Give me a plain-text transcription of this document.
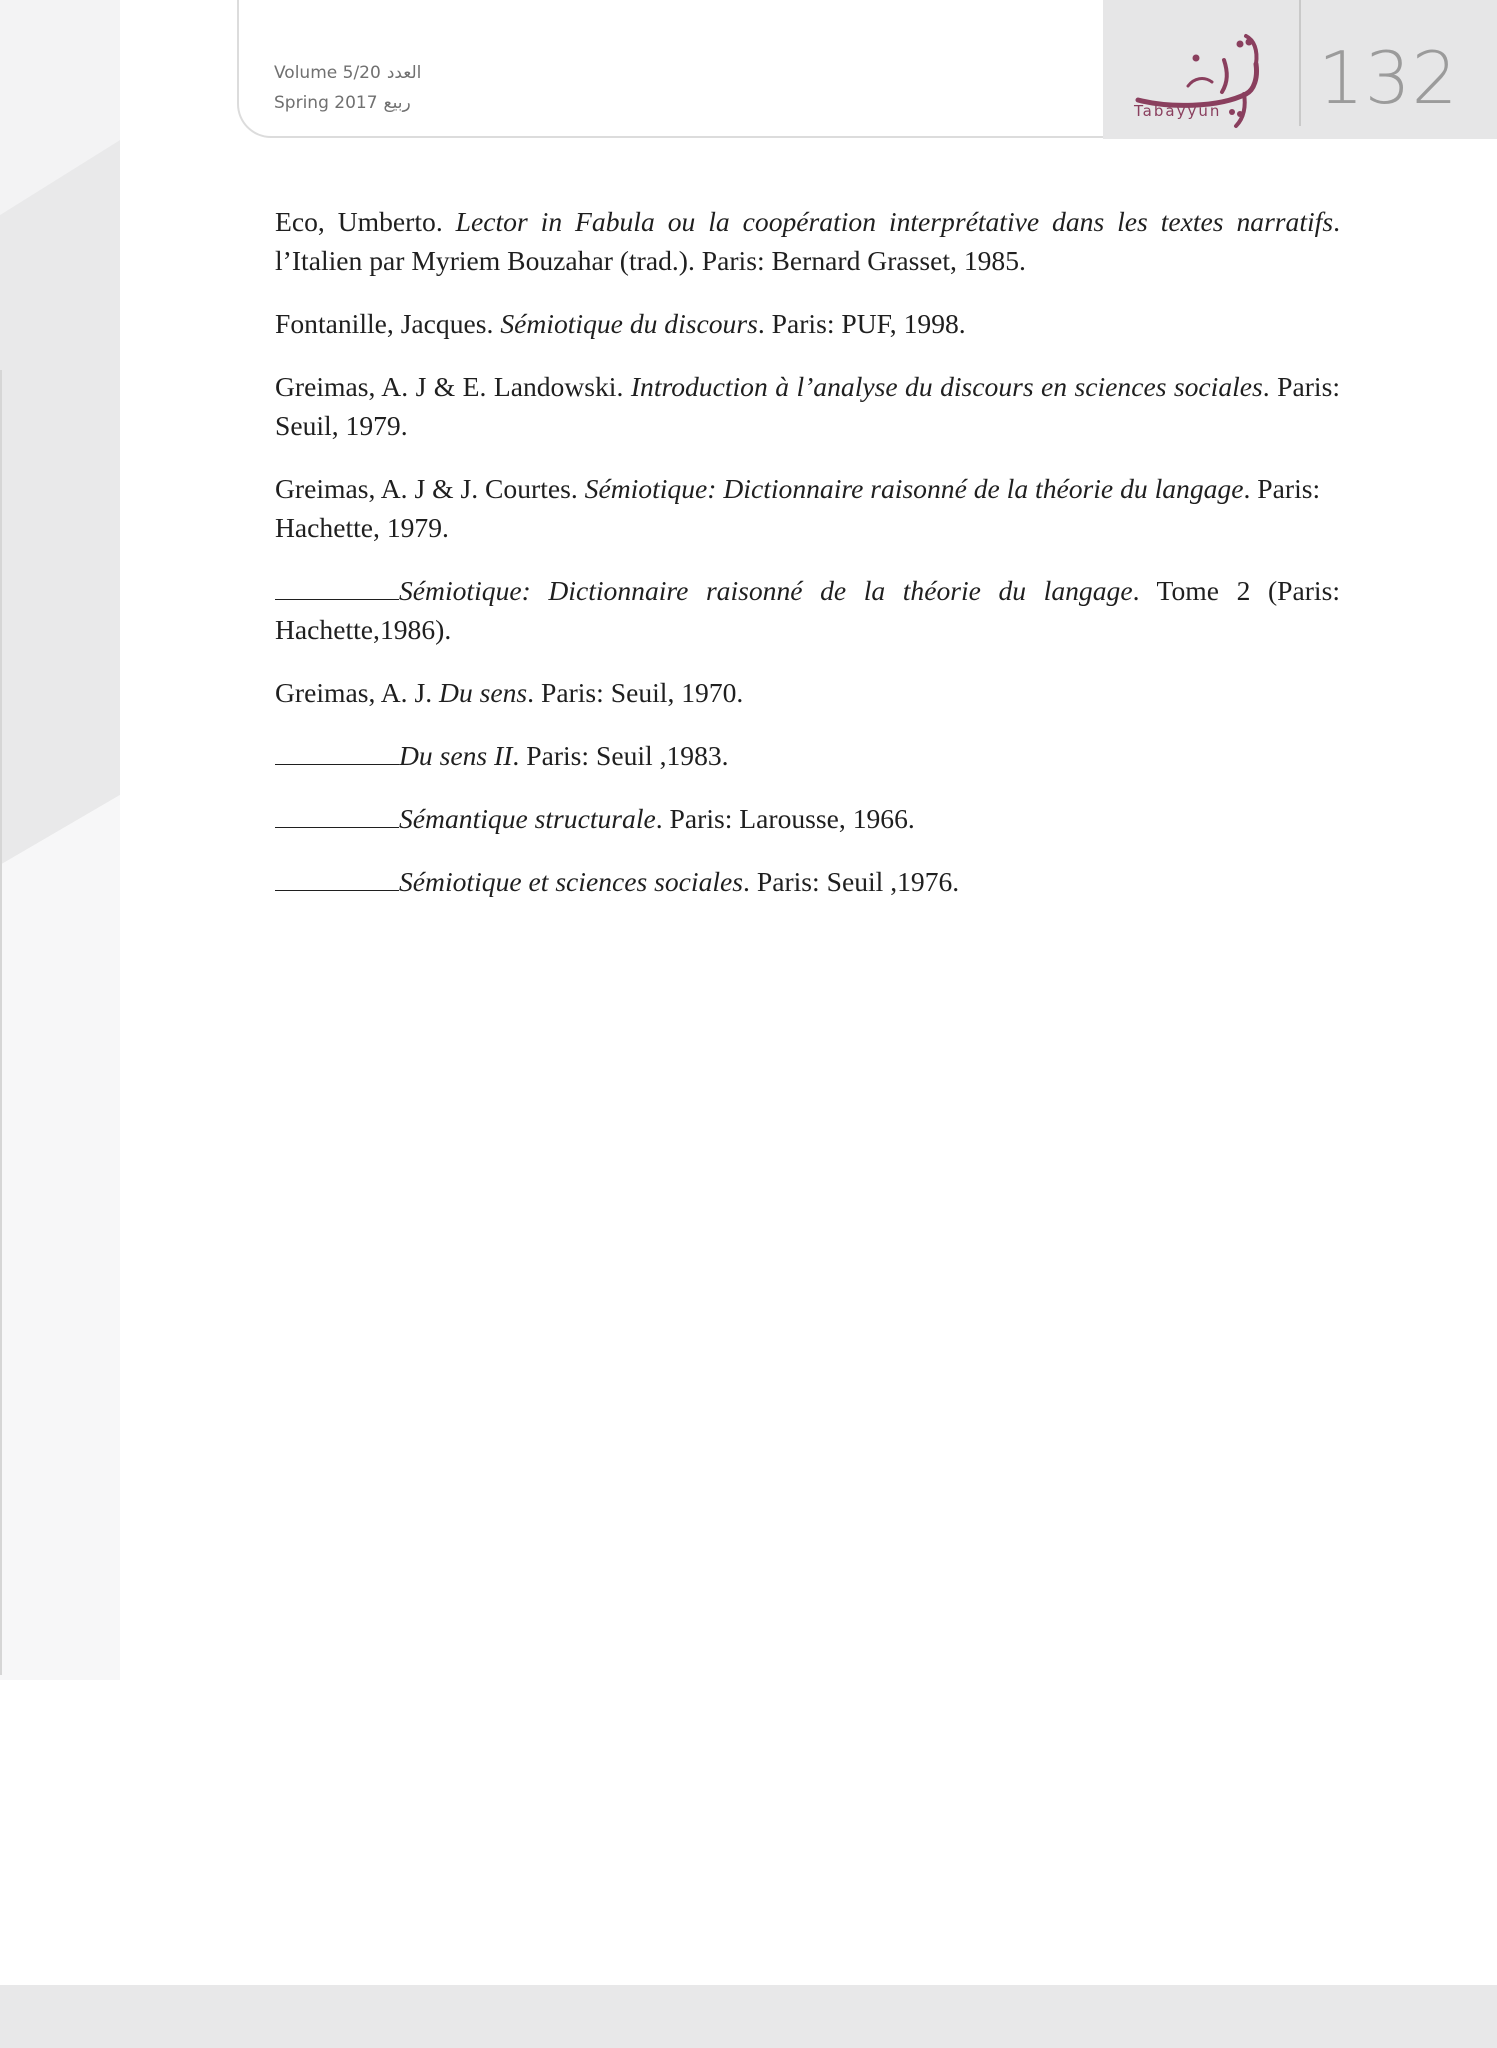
Volume 5/20 العدد
Spring 2017 ربيع	Tabayyun 132

Eco, Umberto. Lector in Fabula ou la coopération interprétative dans les textes narratifs. l’Italien par Myriem Bouzahar (trad.). Paris: Bernard Grasset, 1985.

Fontanille, Jacques. Sémiotique du discours. Paris: PUF, 1998.

Greimas, A. J & E. Landowski. Introduction à l’analyse du discours en sciences sociales. Paris: Seuil, 1979.

Greimas, A. J & J. Courtes. Sémiotique: Dictionnaire raisonné de la théorie du langage. Paris: Hachette, 1979.

Sémiotique: Dictionnaire raisonné de la théorie du langage. Tome 2 (Paris: Hachette,1986).

Greimas, A. J. Du sens. Paris: Seuil, 1970.

Du sens II. Paris: Seuil ,1983.

Sémantique structurale. Paris: Larousse, 1966.

Sémiotique et sciences sociales. Paris: Seuil ,1976.
